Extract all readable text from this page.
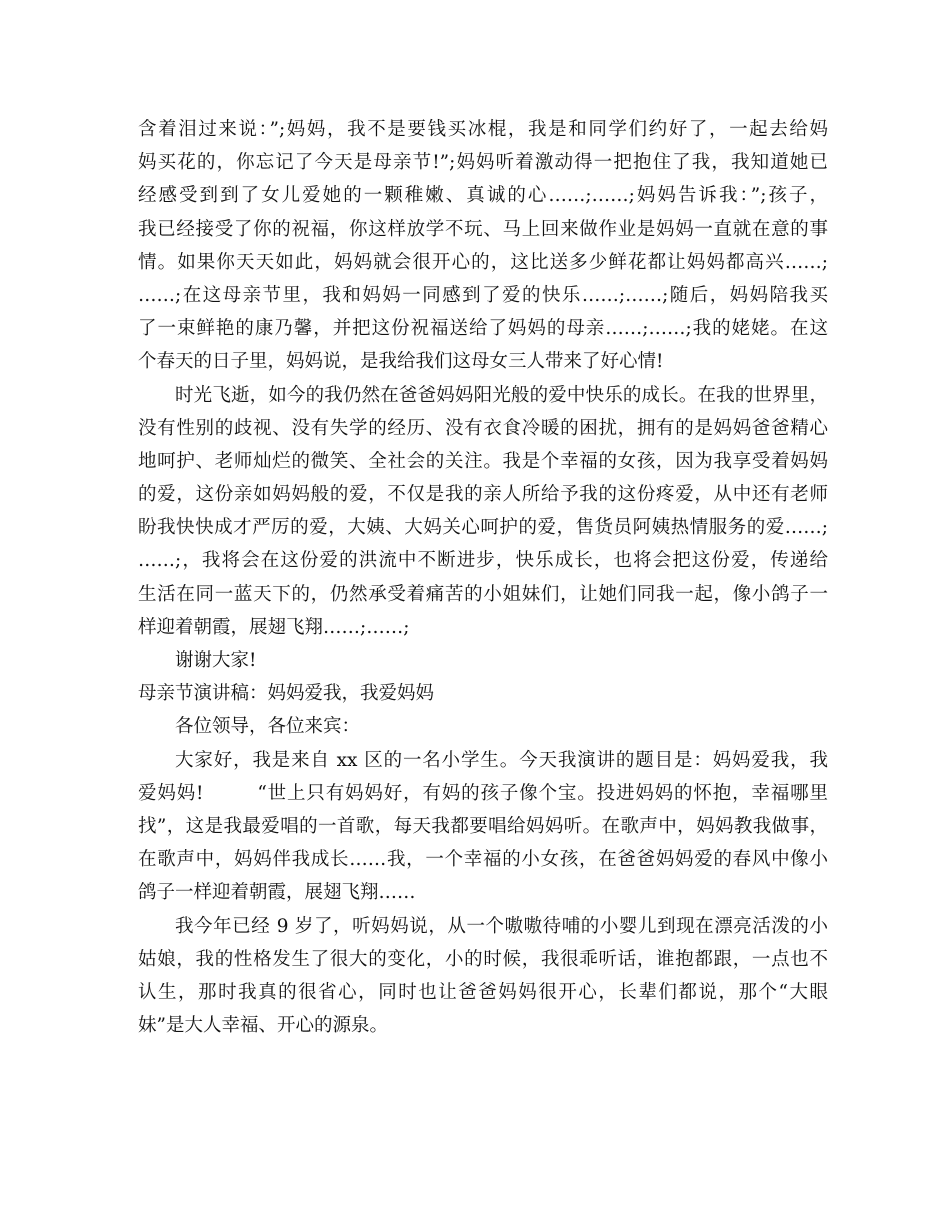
含着泪过来说：”;妈妈，我不是要钱买冰棍，我是和同学们约好了，一起去给妈
妈买花的，你忘记了今天是母亲节!”;妈妈听着激动得一把抱住了我，我知道她已
经感受到到了女儿爱她的一颗稚嫩、真诚的心……;……;妈妈告诉我：”;孩子，
我已经接受了你的祝福，你这样放学不玩、马上回来做作业是妈妈一直就在意的事
情。如果你天天如此，妈妈就会很开心的，这比送多少鲜花都让妈妈都高兴……;
……;在这母亲节里，我和妈妈一同感到了爱的快乐……;……;随后，妈妈陪我买
了一束鲜艳的康乃馨，并把这份祝福送给了妈妈的母亲……;……;我的姥姥。在这
个春天的日子里，妈妈说，是我给我们这母女三人带来了好心情!
时光飞逝，如今的我仍然在爸爸妈妈阳光般的爱中快乐的成长。在我的世界里，
没有性别的歧视、没有失学的经历、没有衣食冷暖的困扰，拥有的是妈妈爸爸精心
地呵护、老师灿烂的微笑、全社会的关注。我是个幸福的女孩，因为我享受着妈妈
的爱，这份亲如妈妈般的爱，不仅是我的亲人所给予我的这份疼爱，从中还有老师
盼我快快成才严厉的爱，大姨、大妈关心呵护的爱，售货员阿姨热情服务的爱……;
……;，我将会在这份爱的洪流中不断进步，快乐成长，也将会把这份爱，传递给
生活在同一蓝天下的，仍然承受着痛苦的小姐妹们，让她们同我一起，像小鸽子一
样迎着朝霞，展翅飞翔……;……;
谢谢大家!
母亲节演讲稿：妈妈爱我，我爱妈妈
各位领导，各位来宾：
大家好，我是来自 xx 区的一名小学生。今天我演讲的题目是：妈妈爱我，我
爱妈妈!        “世上只有妈妈好，有妈的孩子像个宝。投进妈妈的怀抱，幸福哪里
找”，这是我最爱唱的一首歌，每天我都要唱给妈妈听。在歌声中，妈妈教我做事，
在歌声中，妈妈伴我成长……我，一个幸福的小女孩，在爸爸妈妈爱的春风中像小
鸽子一样迎着朝霞，展翅飞翔……
我今年已经 9 岁了，听妈妈说，从一个嗷嗷待哺的小婴儿到现在漂亮活泼的小
姑娘，我的性格发生了很大的变化，小的时候，我很乖听话，谁抱都跟，一点也不
认生，那时我真的很省心，同时也让爸爸妈妈很开心，长辈们都说，那个“大眼
妹”是大人幸福、开心的源泉。
